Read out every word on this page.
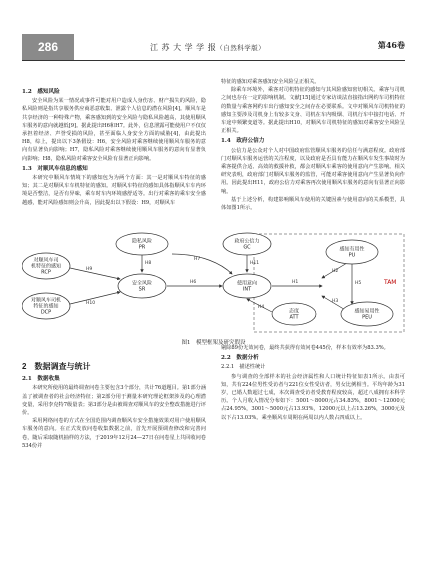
286	江 苏 大 学 学 报（自然科学版）	第46卷
1.2　感知风险

安全风险为某一情况或事件可能对用户造成人身伤害、财产损失的风险，隐私风险则是指共享服务供应商恶意收集、泄露个人信息的潜在风险[4]。顺风车是共享经济的一种特殊产物，乘客感知到的安全风险与隐私风险越高，其使用顺风车服务的意向就越低[9]。据此提出H6和H7。此外，信息泄露可能使用户不仅仅承担着经济、声誉受损的风险，甚至面临人身安全方面的威胁[4]，由此提出H8，综上，提出以下3条假设：H6，安全风险对乘客继续使用顺风车服务的意向有显著负向影响；H7，隐私风险对乘客继续使用顺风车服务的意向有显著负向影响；H8，隐私风险对乘客安全风险有显著正向影响。

1.3　对顺风车信息的感知

本研究中顺风车情境下的感知包为为两个方面：其一是对顺风车特征的感知；其二是对顺风车车机特征的感知。对顺风车特征的感知具体指顺风车车内环境是否整洁，是否有异味，乘车时车内环境感舒适等。出行对乘客的乘车安全感越感，能对风险感知则会升高，因此提出以下假设：H9，对顺风车

特征的感知对乘客感知安全风险呈正相关。

除乘车环境外，乘客对司机特征的感知与其风险感知密切相关。乘客与司机之间也存在一定的影响机制。文献[15]通过专家访谈法直接指出网约车司机特征的数量与乘客网约车出行感知安全之间存在必要联系。文中对顺风车司机特征的感知主要涉及司机身上有较多文身、司机在车内吸烟、司机行车中接打电话、开车途中频繁变道等。据此提出H10，对顺风车司机特征的感知对乘客安全风险呈正相关。

1.4　政府公信力

公信力是公众对个人对中国政府监管顺风车服务的信任与满意程度。政府部门对顺风车服务运营的关注程度，以及政府是否具有能力在顺风车发生事故时为乘客提供合适、高效的救援补救，都会对顺风车乘客的使用意向产生影响。相关研究表明，政府部门对顺风车服务的监管，可能对乘客使用意向产生显著负向作用。因此提出H11，政府公信力对乘客再次使用顺风车服务的意向有显著正向影响。

基于上述分析，构建影响顺风车使用的关键因素与使用意向的关系模型，具体如图1所示。

对顺风车司机特征的感知 RCP
对顺风车司机特征的感知 DCP
隐私风险 PR
安全风险 SR
政府公信力 GC
使用意向 INT
感知有用性 PU
态度 ATT
感知易用性 PEU
TAM
H9
H10
H8
H6
H7
H11
H1
H2
H3
H4
H5
图1　模型框架及研究假设
2　数据调查与统计
2.1　数据收集

本研究所使用的最终调查问卷主要包含3个部分，共计76道题目。第1部分涵盖了被调查者的社会经济特征；第2部分用于测量本研究理论框架涉及的心理潜变量，采用李克特7级量表；第3部分是由被调查对顺风车的安全整改措施进行评价。

采用网络问卷的方式在全国范围内调查顺风车安全措施效果对用户使用顺风车服务的意向。在正式发放问卷收集数据之前，首先开展预调查修改和完善问卷，随后采取随机抽样的方法，于2019年12月24—27日在问卷星上共回收问卷534份并

剔除89份无效问卷，最终共获得有效问卷445份，样本有效率为83.3%。

2.2　数据分析
2.2.1　描述性统计

参与调查的全部样本的社会经济属性和人口统计特征如表1所示。由表可知，共有224位男性受访者与221位女性受访者，男女比例相当。平均年龄为31岁，已婚人数超过七成，本次调查受访者受教育程度较高，超过八成拥有本科学历。个人月收入情况分布如下：5001～8000元占34.83%，8001～12000元占24.95%，3001～5000元占13.93%，12000元以上占13.26%，3000元及以下占13.03%。乘坐顺风车周期在两周以内人数占四成以上。
